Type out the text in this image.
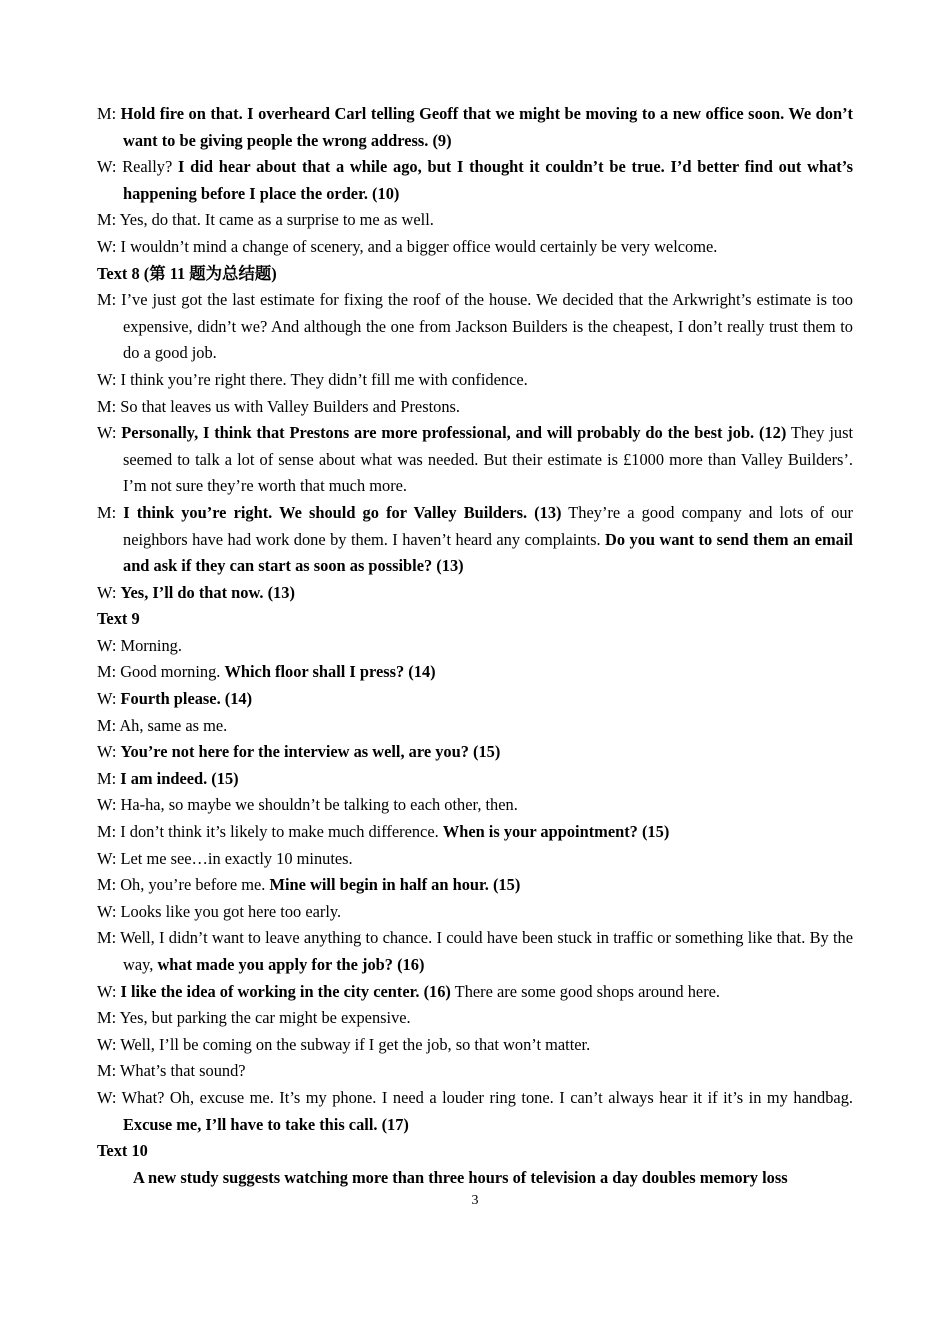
M: Hold fire on that. I overheard Carl telling Geoff that we might be moving to a new office soon. We don’t want to be giving people the wrong address. (9)
W: Really? I did hear about that a while ago, but I thought it couldn’t be true. I’d better find out what’s happening before I place the order. (10)
M: Yes, do that. It came as a surprise to me as well.
W: I wouldn’t mind a change of scenery, and a bigger office would certainly be very welcome.
Text 8 (第 11 题为总结题)
M: I’ve just got the last estimate for fixing the roof of the house. We decided that the Arkwright’s estimate is too expensive, didn’t we? And although the one from Jackson Builders is the cheapest, I don’t really trust them to do a good job.
W: I think you’re right there. They didn’t fill me with confidence.
M: So that leaves us with Valley Builders and Prestons.
W: Personally, I think that Prestons are more professional, and will probably do the best job. (12) They just seemed to talk a lot of sense about what was needed. But their estimate is £1000 more than Valley Builders’. I’m not sure they’re worth that much more.
M: I think you’re right. We should go for Valley Builders. (13) They’re a good company and lots of our neighbors have had work done by them. I haven’t heard any complaints. Do you want to send them an email and ask if they can start as soon as possible? (13)
W: Yes, I’ll do that now. (13)
Text 9
W: Morning.
M: Good morning. Which floor shall I press? (14)
W: Fourth please. (14)
M: Ah, same as me.
W: You’re not here for the interview as well, are you? (15)
M: I am indeed. (15)
W: Ha-ha, so maybe we shouldn’t be talking to each other, then.
M: I don’t think it’s likely to make much difference. When is your appointment? (15)
W: Let me see…in exactly 10 minutes.
M: Oh, you’re before me. Mine will begin in half an hour. (15)
W: Looks like you got here too early.
M: Well, I didn’t want to leave anything to chance. I could have been stuck in traffic or something like that. By the way, what made you apply for the job? (16)
W: I like the idea of working in the city center. (16) There are some good shops around here.
M: Yes, but parking the car might be expensive.
W: Well, I’ll be coming on the subway if I get the job, so that won’t matter.
M: What’s that sound?
W: What? Oh, excuse me. It’s my phone. I need a louder ring tone. I can’t always hear it if it’s in my handbag. Excuse me, I’ll have to take this call. (17)
Text 10
A new study suggests watching more than three hours of television a day doubles memory loss
3
